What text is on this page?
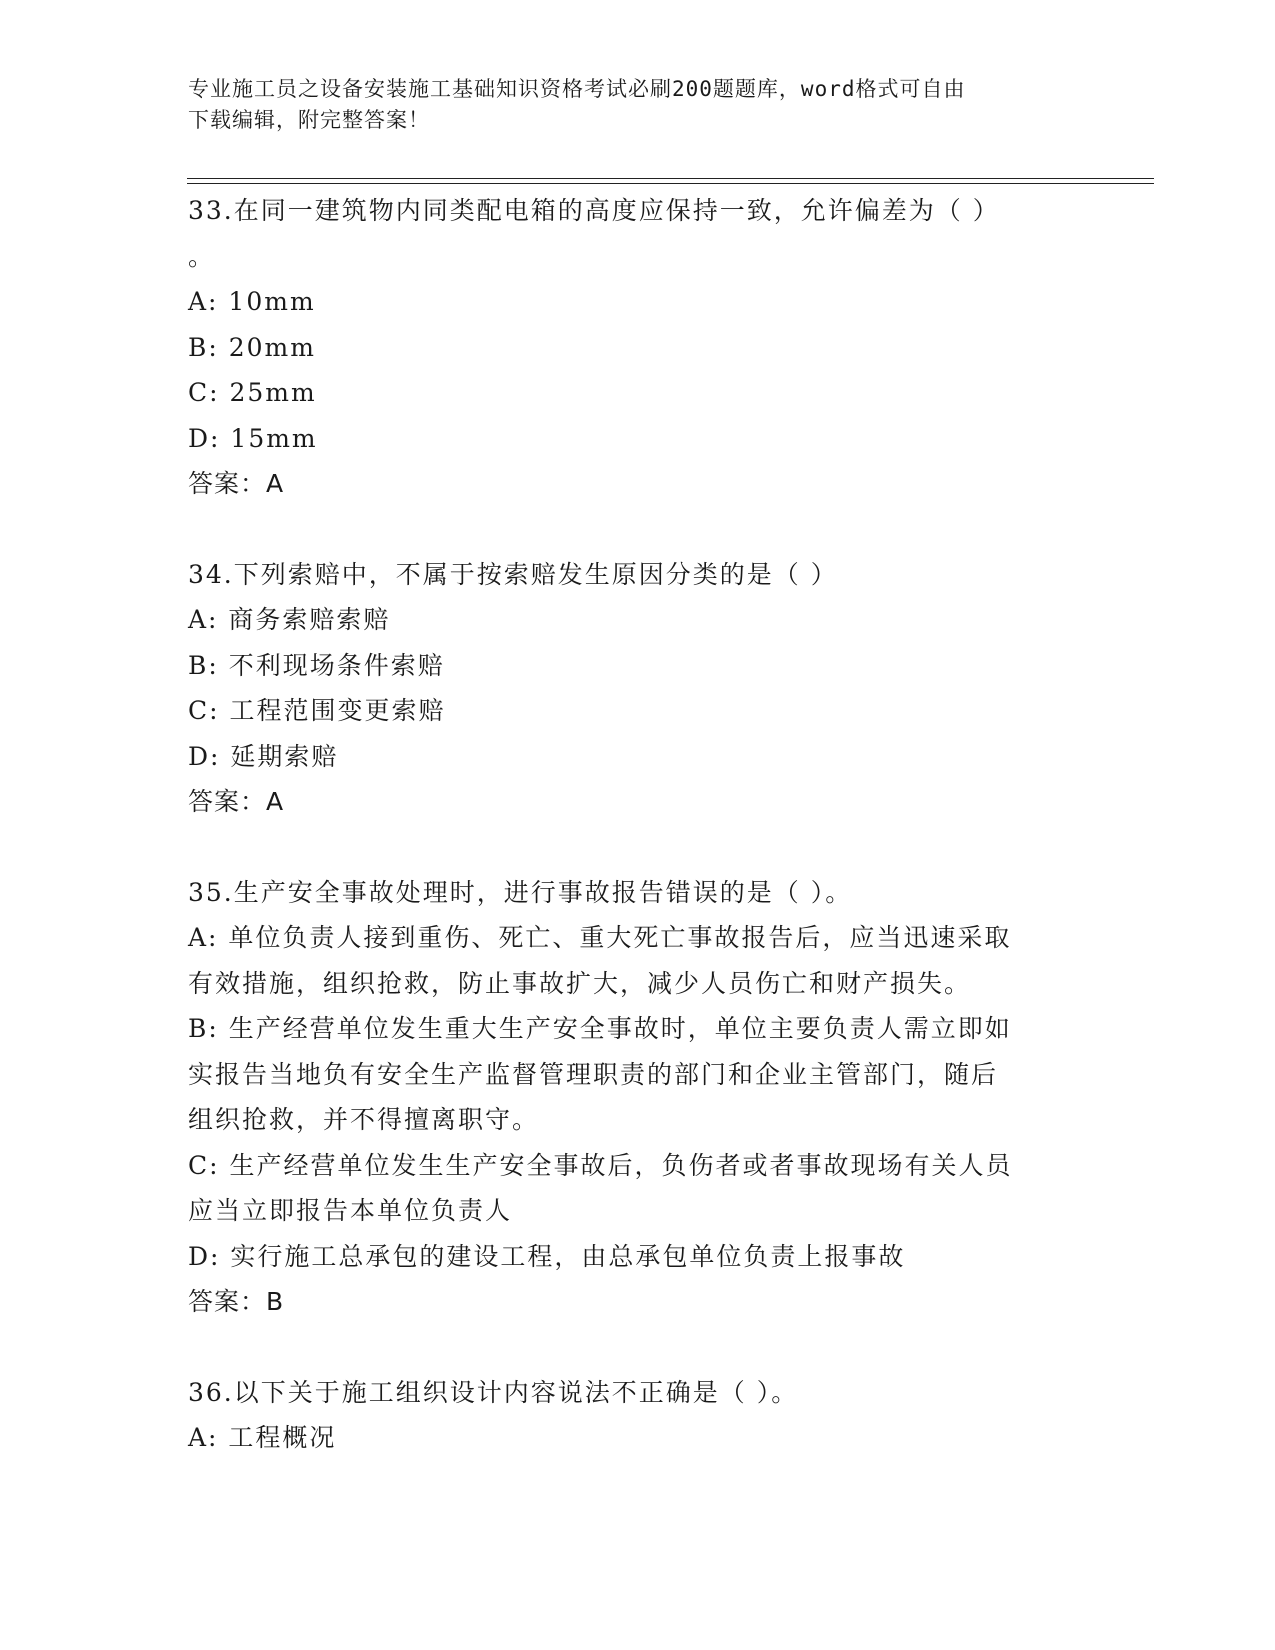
专业施工员之设备安装施工基础知识资格考试必刷200题题库，word格式可自由
下载编辑，附完整答案！
33.在同一建筑物内同类配电箱的高度应保持一致，允许偏差为（ ）
。
A: 10mm
B: 20mm
C: 25mm
D: 15mm
答案：A
34.下列索赔中，不属于按索赔发生原因分类的是（ ）
A: 商务索赔索赔
B: 不利现场条件索赔
C: 工程范围变更索赔
D: 延期索赔
答案：A
35.生产安全事故处理时，进行事故报告错误的是（ ）。
A: 单位负责人接到重伤、死亡、重大死亡事故报告后，应当迅速采取
有效措施，组织抢救，防止事故扩大，减少人员伤亡和财产损失。
B: 生产经营单位发生重大生产安全事故时，单位主要负责人需立即如
实报告当地负有安全生产监督管理职责的部门和企业主管部门，随后
组织抢救，并不得擅离职守。
C: 生产经营单位发生生产安全事故后，负伤者或者事故现场有关人员
应当立即报告本单位负责人
D: 实行施工总承包的建设工程，由总承包单位负责上报事故
答案：B
36.以下关于施工组织设计内容说法不正确是（ ）。
A: 工程概况
